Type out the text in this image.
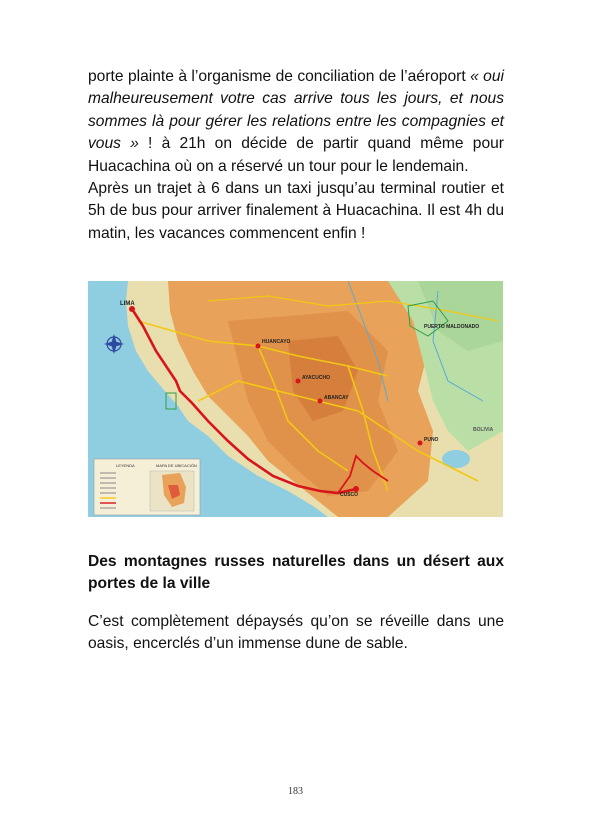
porte plainte à l’organisme de conciliation de l’aéroport « oui malheureusement votre cas arrive tous les jours, et nous sommes là pour gérer les relations entre les compagnies et vous » ! à 21h on décide de partir quand même pour Huacachina où on a réservé un tour pour le lendemain.

Après un trajet à 6 dans un taxi jusqu’au terminal routier et 5h de bus pour arriver finalement à Huacachina. Il est 4h du matin, les vacances commencent enfin !

LIMA
HUANCAYO
AYACUCHO
ABANCAY
CUSCO
PUERTO MALDONADO
PUNO
BOLIVIA
LEYENDA	MAPA DE UBICACIÓN
Des montagnes russes naturelles dans un désert aux portes de la ville
C’est complètement dépaysés qu’on se réveille dans une oasis, encerclés d’un immense dune de sable.
183
